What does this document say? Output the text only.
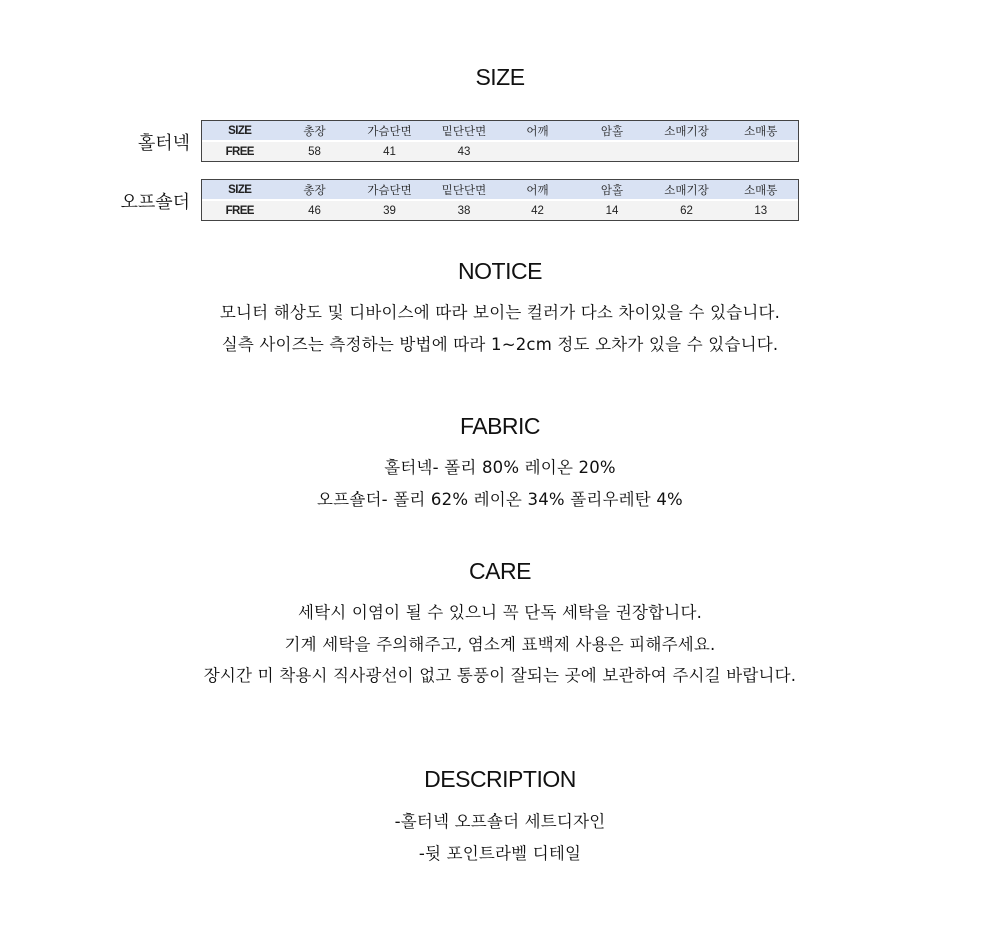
SIZE
홀터넥
SIZE	총장	가슴단면	밑단단면	어깨	암홀	소매기장	소매통

FREE	58	41	43				
오프숄더
SIZE	총장	가슴단면	밑단단면	어깨	암홀	소매기장	소매통

FREE	46	39	38	42	14	62	13
NOTICE
모니터 해상도 및 디바이스에 따라 보이는 컬러가 다소 차이있을 수 있습니다.
실측 사이즈는 측정하는 방법에 따라 1~2cm 정도 오차가 있을 수 있습니다.
FABRIC
홀터넥- 폴리 80% 레이온 20%
오프숄더- 폴리 62% 레이온 34% 폴리우레탄 4%
CARE
세탁시 이염이 될 수 있으니 꼭 단독 세탁을 권장합니다.
기계 세탁을 주의해주고, 염소계 표백제 사용은 피해주세요.
장시간 미 착용시 직사광선이 없고 통풍이 잘되는 곳에 보관하여 주시길 바랍니다.
DESCRIPTION
-홀터넥 오프숄더 세트디자인
-뒷 포인트라벨 디테일
